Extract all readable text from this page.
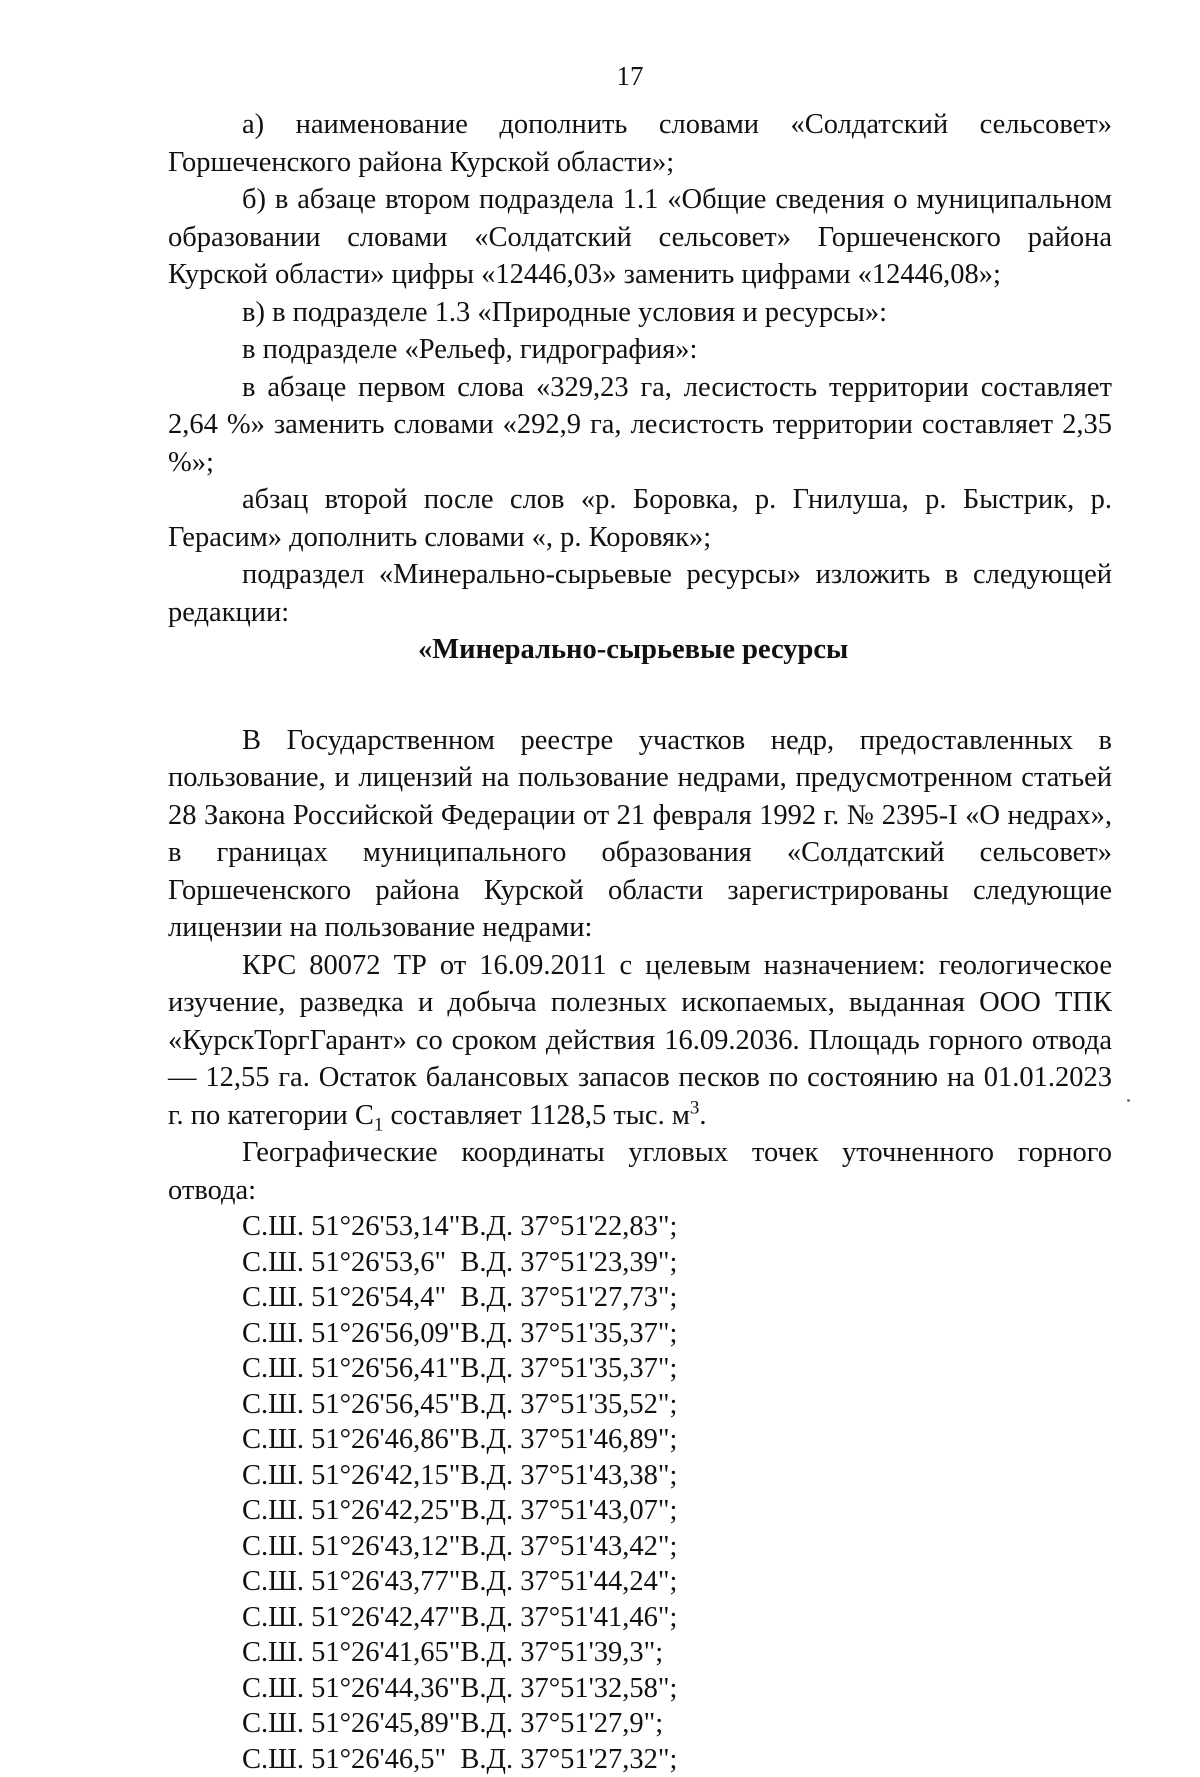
17

а) наименование дополнить словами «Солдатский сельсовет» Горшеченского района Курской области»;

б) в абзаце втором подраздела 1.1 «Общие сведения о муниципальном образовании словами «Солдатский сельсовет» Горшеченского района Курской области» цифры «12446,03» заменить цифрами «12446,08»;

в) в подразделе 1.3 «Природные условия и ресурсы»:

в подразделе «Рельеф, гидрография»:

в абзаце первом слова «329,23 га, лесистость территории составляет 2,64 %» заменить словами «292,9 га, лесистость территории составляет 2,35 %»;

абзац второй после слов «р. Боровка, р. Гнилуша, р. Быстрик, р. Герасим» дополнить словами «, р. Коровяк»;

подраздел «Минерально-сырьевые ресурсы» изложить в следующей редакции:

«Минерально-сырьевые ресурсы

В Государственном реестре участков недр, предоставленных в пользование, и лицензий на пользование недрами, предусмотренном статьей 28 Закона Российской Федерации от 21 февраля 1992 г. № 2395-I «О недрах», в границах муниципального образования «Солдатский сельсовет» Горшеченского района Курской области зарегистрированы следующие лицензии на пользование недрами:

КРС 80072 ТР от 16.09.2011 с целевым назначением: геологическое изучение, разведка и добыча полезных ископаемых, выданная ООО ТПК «КурскТоргГарант» со сроком действия 16.09.2036. Площадь горного отвода — 12,55 га. Остаток балансовых запасов песков по состоянию на 01.01.2023 г. по категории $С_1$ составляет 1128,5 тыс. $м^3$.

Географические координаты угловых точек уточненного горного отвода:

С.Ш. 51°26'53,14"В.Д. 37°51'22,83";

С.Ш. 51°26'53,6"  В.Д. 37°51'23,39";

С.Ш. 51°26'54,4"  В.Д. 37°51'27,73";

С.Ш. 51°26'56,09"В.Д. 37°51'35,37";

С.Ш. 51°26'56,41"В.Д. 37°51'35,37";

С.Ш. 51°26'56,45"В.Д. 37°51'35,52";

С.Ш. 51°26'46,86"В.Д. 37°51'46,89";

С.Ш. 51°26'42,15"В.Д. 37°51'43,38";

С.Ш. 51°26'42,25"В.Д. 37°51'43,07";

С.Ш. 51°26'43,12"В.Д. 37°51'43,42";

С.Ш. 51°26'43,77"В.Д. 37°51'44,24";

С.Ш. 51°26'42,47"В.Д. 37°51'41,46";

С.Ш. 51°26'41,65"В.Д. 37°51'39,3";

С.Ш. 51°26'44,36"В.Д. 37°51'32,58";

С.Ш. 51°26'45,89"В.Д. 37°51'27,9";

С.Ш. 51°26'46,5"  В.Д. 37°51'27,32";
